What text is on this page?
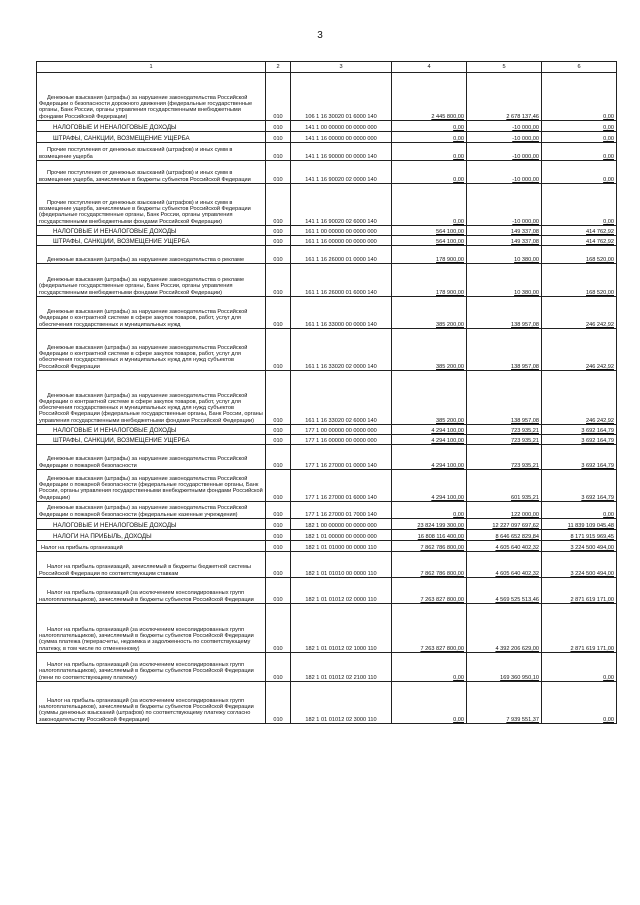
3
1	2	3	4	5	6
Денежные взыскания (штрафы) за нарушение законодательства Российской Федерации о безопасности дорожного движения (федеральные государственные органы, Банк России, органы управления государственными внебюджетными фондами Российской Федерации)	010	106 1 16 30020 01 6000 140	2 445 800,00	2 678 137,46	0,00
НАЛОГОВЫЕ И НЕНАЛОГОВЫЕ ДОХОДЫ	010	141 1 00 00000 00 0000 000	0,00	-10 000,00	0,00
ШТРАФЫ, САНКЦИИ, ВОЗМЕЩЕНИЕ УЩЕРБА	010	141 1 16 00000 00 0000 000	0,00	-10 000,00	0,00
Прочие поступления от денежных взысканий (штрафов) и иных сумм в возмещение ущерба	010	141 1 16 90000 00 0000 140	0,00	-10 000,00	0,00
Прочие поступления от денежных взысканий (штрафов) и иных сумм в возмещение ущерба, зачисляемые в бюджеты субъектов Российской Федерации	010	141 1 16 90020 02 0000 140	0,00	-10 000,00	0,00
Прочие поступления от денежных взысканий (штрафов) и иных сумм в возмещение ущерба, зачисляемые в бюджеты субъектов Российской Федерации (федеральные государственные органы, Банк России, органы управления государственными внебюджетными фондами Российской Федерации)	010	141 1 16 90020 02 6000 140	0,00	-10 000,00	0,00
НАЛОГОВЫЕ И НЕНАЛОГОВЫЕ ДОХОДЫ	010	161 1 00 00000 00 0000 000	564 100,00	149 337,08	414 762,92
ШТРАФЫ, САНКЦИИ, ВОЗМЕЩЕНИЕ УЩЕРБА	010	161 1 16 00000 00 0000 000	564 100,00	149 337,08	414 762,92
Денежные взыскания (штрафы) за нарушение законодательства о рекламе	010	161 1 16 26000 01 0000 140	178 900,00	10 380,00	168 520,00
Денежные взыскания (штрафы) за нарушение законодательства о рекламе (федеральные государственные органы, Банк России, органы управления государственными внебюджетными фондами Российской Федерации)	010	161 1 16 26000 01 6000 140	178 900,00	10 380,00	168 520,00
Денежные взыскания (штрафы) за нарушение законодательства Российской Федерации о контрактной системе в сфере закупок товаров, работ, услуг для обеспечения государственных и муниципальных нужд	010	161 1 16 33000 00 0000 140	385 200,00	138 957,08	246 242,92
Денежные взыскания (штрафы) за нарушение законодательства Российской Федерации о контрактной системе в сфере закупок товаров, работ, услуг для обеспечения государственных и муниципальных нужд для нужд субъектов Российской Федерации	010	161 1 16 33020 02 0000 140	385 200,00	138 957,08	246 242,92
Денежные взыскания (штрафы) за нарушение законодательства Российской Федерации о контрактной системе в сфере закупок товаров, работ, услуг для обеспечения государственных и муниципальных нужд для нужд субъектов Российской Федерации (федеральные государственные органы, Банк России, органы управления государственными внебюджетными фондами Российской Федерации)	010	161 1 16 33020 02 6000 140	385 200,00	138 957,08	246 242,92
НАЛОГОВЫЕ И НЕНАЛОГОВЫЕ ДОХОДЫ	010	177 1 00 00000 00 0000 000	4 294 100,00	723 935,21	3 692 164,79
ШТРАФЫ, САНКЦИИ, ВОЗМЕЩЕНИЕ УЩЕРБА	010	177 1 16 00000 00 0000 000	4 294 100,00	723 935,21	3 692 164,79
Денежные взыскания (штрафы) за нарушение законодательства Российской Федерации о пожарной безопасности	010	177 1 16 27000 01 0000 140	4 294 100,00	723 935,21	3 692 164,79
Денежные взыскания (штрафы) за нарушение законодательства Российской Федерации о пожарной безопасности (федеральные государственные органы, Банк России, органы управления государственными внебюджетными фондами Российской Федерации)	010	177 1 16 27000 01 6000 140	4 294 100,00	601 935,21	3 692 164,79
Денежные взыскания (штрафы) за нарушение законодательства Российской Федерации о пожарной безопасности (федеральные казенные учреждения)	010	177 1 16 27000 01 7000 140	0,00	122 000,00	0,00
НАЛОГОВЫЕ И НЕНАЛОГОВЫЕ ДОХОДЫ	010	182 1 00 00000 00 0000 000	23 824 199 300,00	12 227 097 697,62	11 839 109 045,48
НАЛОГИ НА ПРИБЫЛЬ, ДОХОДЫ	010	182 1 01 00000 00 0000 000	16 808 116 400,00	8 646 652 829,84	8 171 915 969,45
Налог на прибыль организаций	010	182 1 01 01000 00 0000 110	7 862 786 800,00	4 605 640 402,32	3 224 500 494,00
Налог на прибыль организаций, зачисляемый в бюджеты бюджетной системы Российской Федерации по соответствующим ставкам	010	182 1 01 01010 00 0000 110	7 862 786 800,00	4 605 640 402,32	3 224 500 494,00
Налог на прибыль организаций (за исключением консолидированных групп налогоплательщиков), зачисляемый в бюджеты субъектов Российской Федерации	010	182 1 01 01012 02 0000 110	7 263 827 800,00	4 569 525 513,46	2 871 619 171,00
Налог на прибыль организаций (за исключением консолидированных групп налогоплательщиков), зачисляемый в бюджеты субъектов Российской Федерации (сумма платежа (перерасчеты, недоимка и задолженность по соответствующему платежу, в том числе по отмененному)	010	182 1 01 01012 02 1000 110	7 263 827 800,00	4 392 206 629,00	2 871 619 171,00
Налог на прибыль организаций (за исключением консолидированных групп налогоплательщиков), зачисляемый в бюджеты субъектов Российской Федерации (пени по соответствующему платежу)	010	182 1 01 01012 02 2100 110	0,00	169 360 950,10	0,00
Налог на прибыль организаций (за исключением консолидированных групп налогоплательщиков), зачисляемый в бюджеты субъектов Российской Федерации (суммы денежных взысканий (штрафов) по соответствующему платежу согласно законодательству Российской Федерации)	010	182 1 01 01012 02 3000 110	0,00	7 939 551,37	0,00
